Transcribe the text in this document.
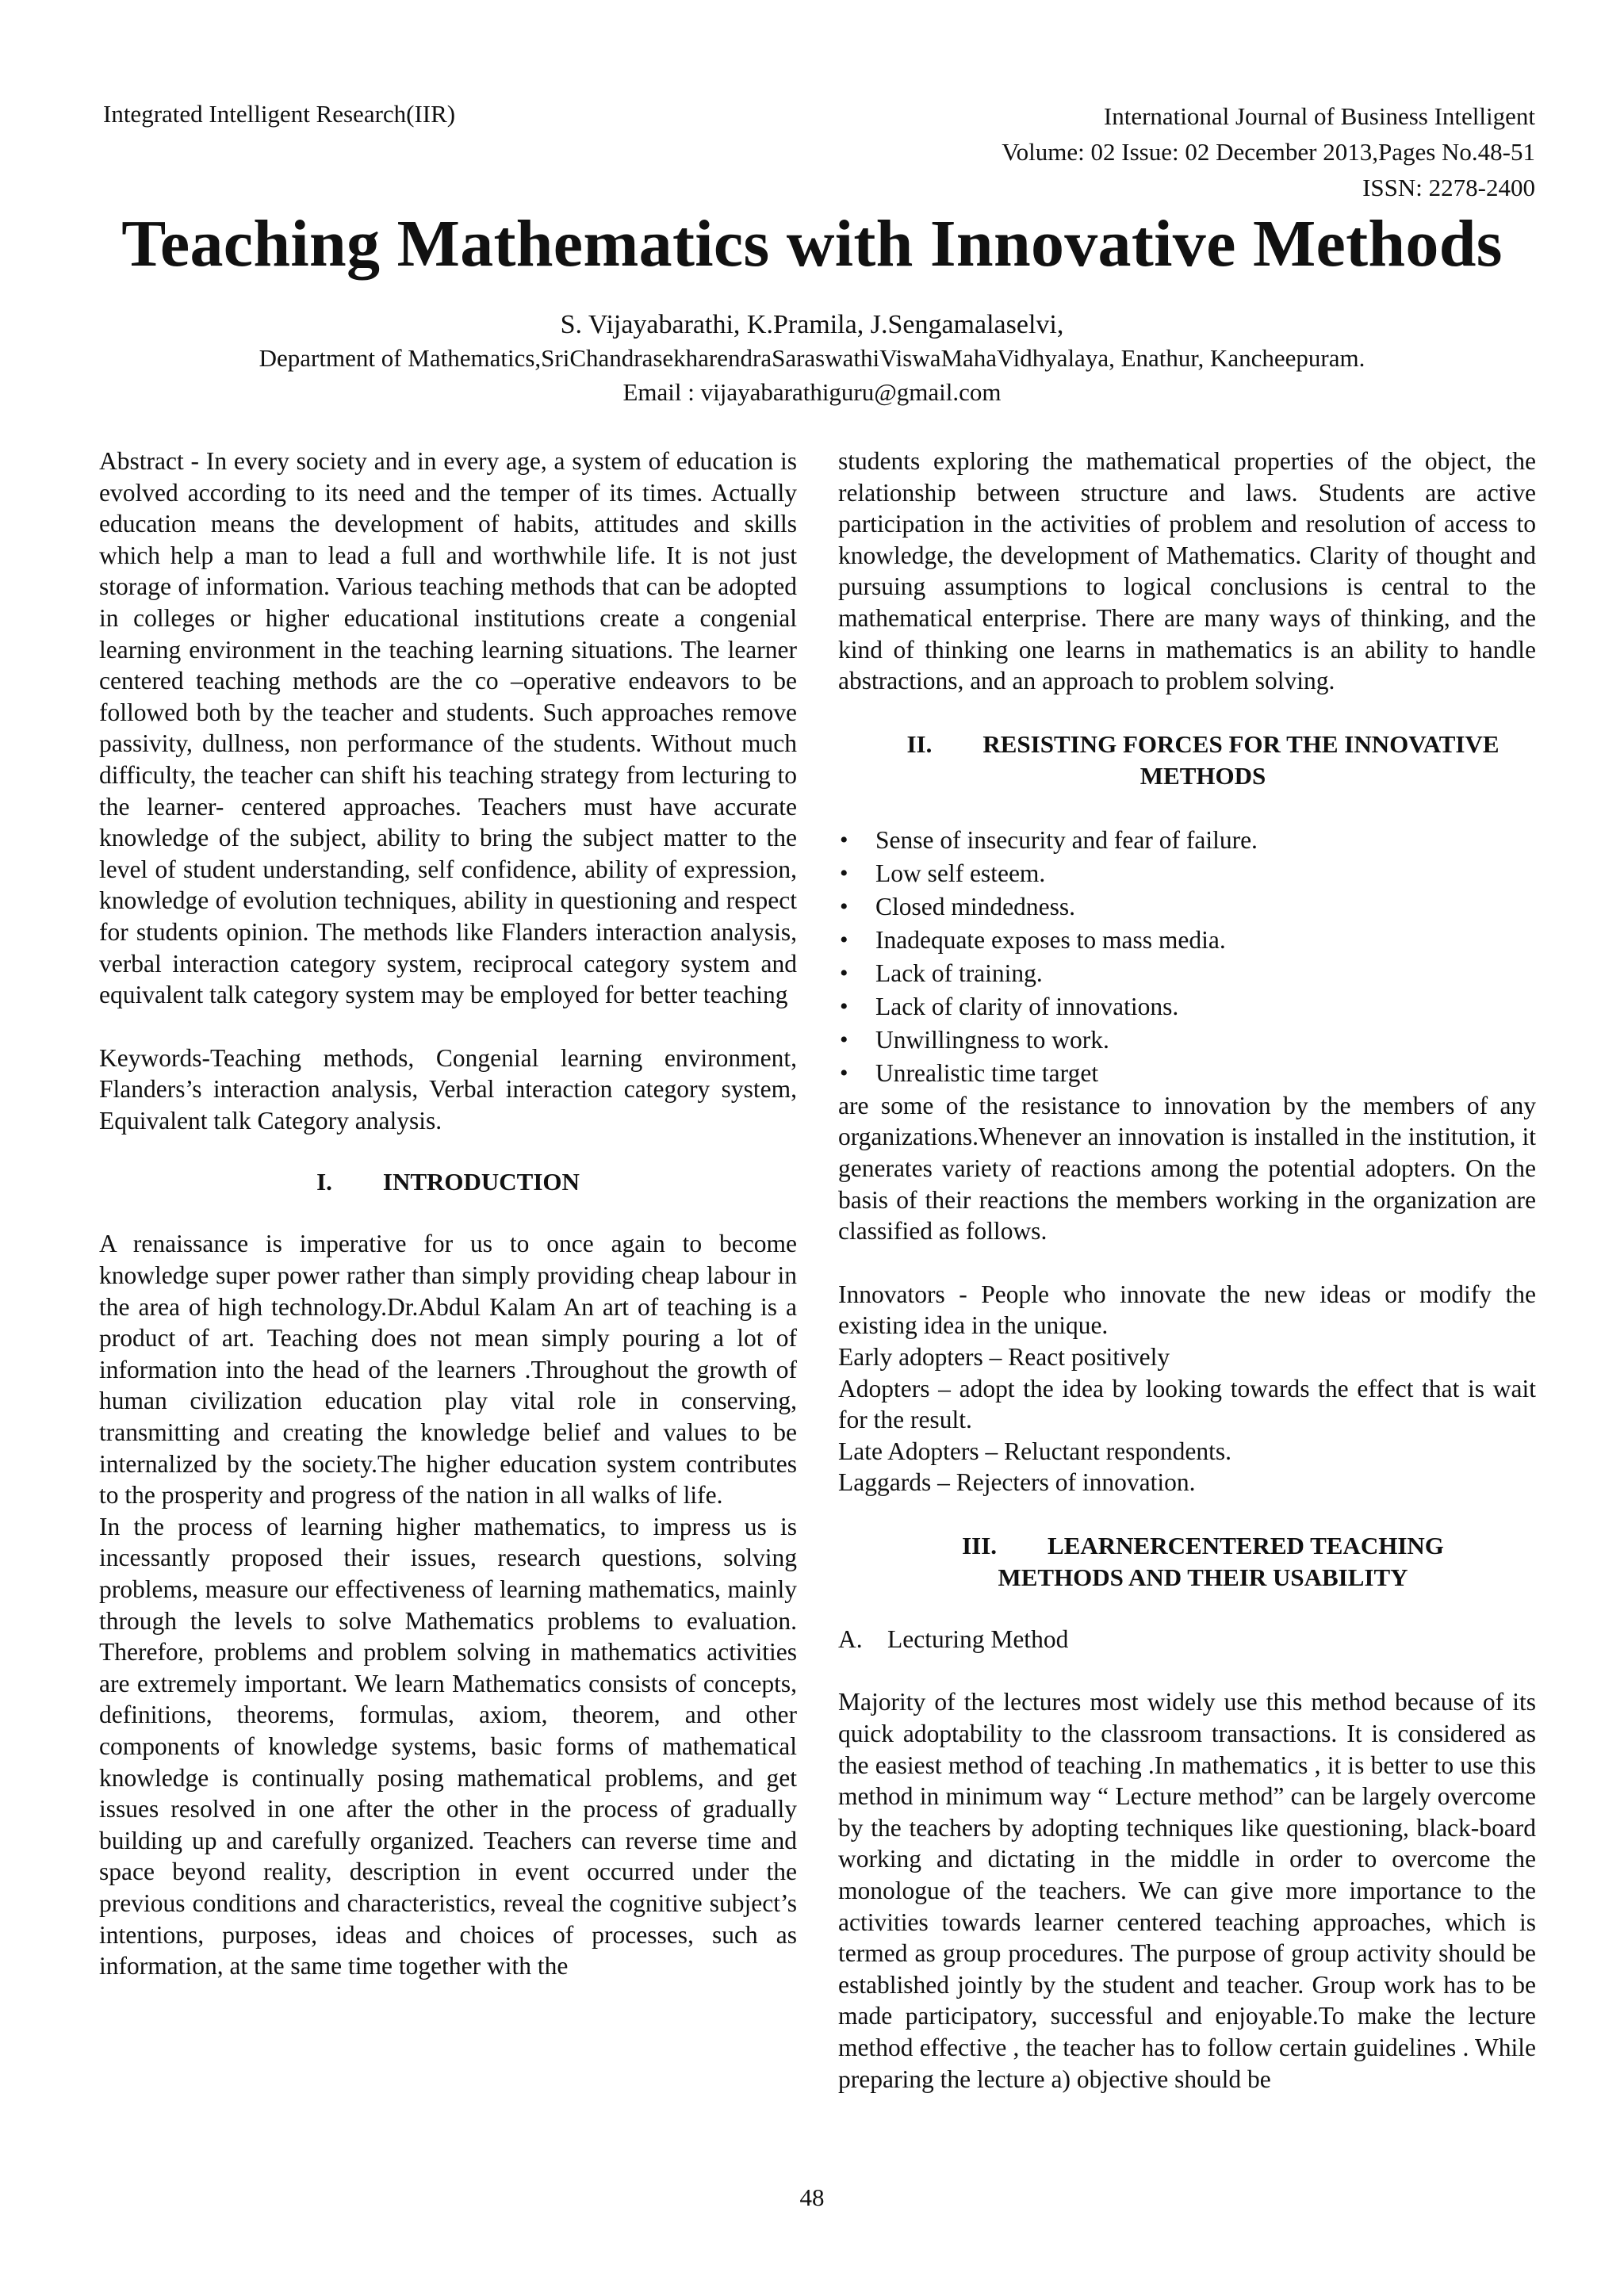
Integrated Intelligent Research(IIR)	International Journal of Business Intelligent
Volume: 02 Issue: 02 December 2013,Pages No.48-51
ISSN: 2278-2400
Teaching Mathematics with Innovative Methods
S. Vijayabarathi, K.Pramila, J.Sengamalaselvi,
Department of Mathematics,SriChandrasekharendraSaraswathiViswaMahaVidhyalaya, Enathur, Kancheepuram.
Email : vijayabarathiguru@gmail.com

Abstract - In every society and in every age, a system of education is evolved according to its need and the temper of its times. Actually education means the development of habits, attitudes and skills which help a man to lead a full and worthwhile life. It is not just storage of information. Various teaching methods that can be adopted in colleges or higher educational institutions create a congenial learning environment in the teaching learning situations. The learner centered teaching methods are the co –operative endeavors to be followed both by the teacher and students. Such approaches remove passivity, dullness, non performance of the students. Without much difficulty, the teacher can shift his teaching strategy from lecturing to the learner- centered approaches. Teachers must have accurate knowledge of the subject, ability to bring the subject matter to the level of student understanding, self confidence, ability of expression, knowledge of evolution techniques, ability in questioning and respect for students opinion. The methods like Flanders interaction analysis, verbal interaction category system, reciprocal category system and equivalent talk category system may be employed for better teaching

Keywords-Teaching methods, Congenial learning environment, Flanders’s interaction analysis, Verbal interaction category system, Equivalent talk Category analysis.

I. INTRODUCTION

A renaissance is imperative for us to once again to become knowledge super power rather than simply providing cheap labour in the area of high technology.Dr.Abdul Kalam An art of teaching is a product of art. Teaching does not mean simply pouring a lot of information into the head of the learners .Throughout the growth of human civilization education play vital role in conserving, transmitting and creating the knowledge belief and values to be internalized by the society.The higher education system contributes to the prosperity and progress of the nation in all walks of life.

In the process of learning higher mathematics, to impress us is incessantly proposed their issues, research questions, solving problems, measure our effectiveness of learning mathematics, mainly through the levels to solve Mathematics problems to evaluation. Therefore, problems and problem solving in mathematics activities are extremely important. We learn Mathematics consists of concepts, definitions, theorems, formulas, axiom, theorem, and other components of knowledge systems, basic forms of mathematical knowledge is continually posing mathematical problems, and get issues resolved in one after the other in the process of gradually building up and carefully organized. Teachers can reverse time and space beyond reality, description in event occurred under the previous conditions and characteristics, reveal the cognitive subject’s intentions, purposes, ideas and choices of processes, such as information, at the same time together with the

students exploring the mathematical properties of the object, the relationship between structure and laws. Students are active participation in the activities of problem and resolution of access to knowledge, the development of Mathematics. Clarity of thought and pursuing assumptions to logical conclusions is central to the mathematical enterprise. There are many ways of thinking, and the kind of thinking one learns in mathematics is an ability to handle abstractions, and an approach to problem solving.

II. RESISTING FORCES FOR THE INNOVATIVE
METHODS
• Sense of insecurity and fear of failure.
• Low self esteem.
• Closed mindedness.
• Inadequate exposes to mass media.
• Lack of training.
• Lack of clarity of innovations.
• Unwillingness to work.
• Unrealistic time target

are some of the resistance to innovation by the members of any organizations.Whenever an innovation is installed in the institution, it generates variety of reactions among the potential adopters. On the basis of their reactions the members working in the organization are classified as follows.

Innovators - People who innovate the new ideas or modify the existing idea in the unique.

Early adopters – React positively

Adopters – adopt the idea by looking towards the effect that is wait for the result.

Late Adopters – Reluctant respondents.

Laggards – Rejecters of innovation.

III. LEARNERCENTERED TEACHING
METHODS AND THEIR USABILITY
A. Lecturing Method

Majority of the lectures most widely use this method because of its quick adoptability to the classroom transactions. It is considered as the easiest method of teaching .In mathematics , it is better to use this method in minimum way “ Lecture method” can be largely overcome by the teachers by adopting techniques like questioning, black-board working and dictating in the middle in order to overcome the monologue of the teachers. We can give more importance to the activities towards learner centered teaching approaches, which is termed as group procedures. The purpose of group activity should be established jointly by the student and teacher. Group work has to be made participatory, successful and enjoyable.To make the lecture method effective , the teacher has to follow certain guidelines . While preparing the lecture a) objective should be

48
